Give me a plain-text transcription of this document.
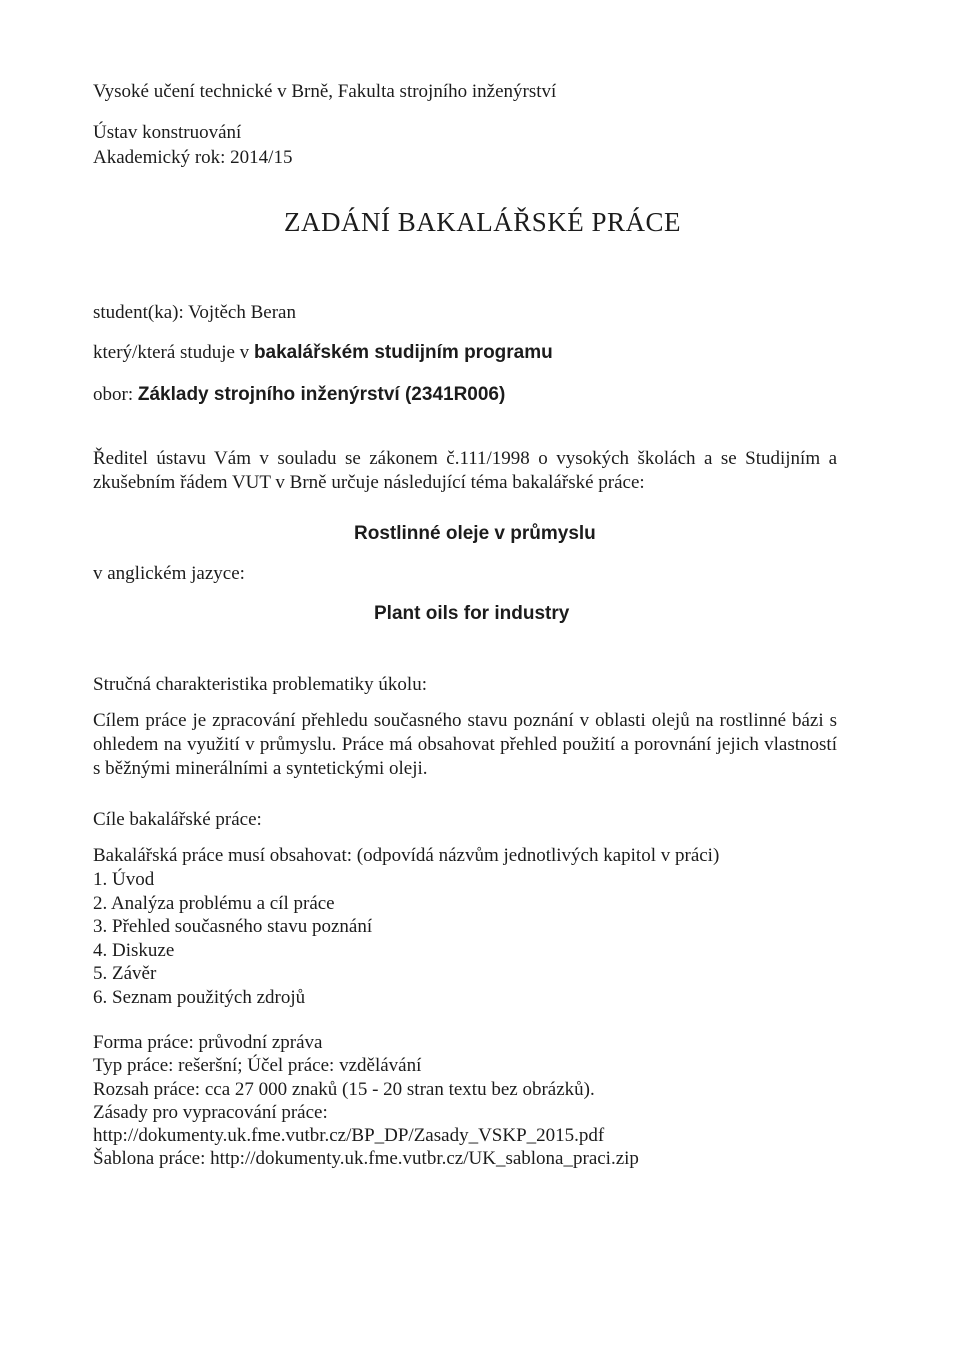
Vysoké učení technické v Brně, Fakulta strojního inženýrství
Ústav konstruování
Akademický rok: 2014/15
ZADÁNÍ BAKALÁŘSKÉ PRÁCE
student(ka): Vojtěch Beran
který/která studuje v bakalářském studijním programu
obor: Základy strojního inženýrství (2341R006)
Ředitel ústavu Vám v souladu se zákonem č.111/1998 o vysokých školách a se Studijním a
zkušebním řádem VUT v Brně určuje následující téma bakalářské práce:
Rostlinné oleje v průmyslu
v anglickém jazyce:
Plant oils for industry
Stručná charakteristika problematiky úkolu:

Cílem práce je zpracování přehledu současného stavu poznání v oblasti olejů na rostlinné bázi s ohledem na využití v průmyslu. Práce má obsahovat přehled použití a porovnání jejich vlastností s běžnými minerálními a syntetickými oleji.

Cíle bakalářské práce:
Bakalářská práce musí obsahovat: (odpovídá názvům jednotlivých kapitol v práci)
1. Úvod
2. Analýza problému a cíl práce
3. Přehled současného stavu poznání
4. Diskuze
5. Závěr
6. Seznam použitých zdrojů
Forma práce: průvodní zpráva
Typ práce: rešeršní; Účel práce: vzdělávání
Rozsah práce: cca 27 000 znaků (15 - 20 stran textu bez obrázků).
Zásady pro vypracování práce:
http://dokumenty.uk.fme.vutbr.cz/BP_DP/Zasady_VSKP_2015.pdf
Šablona práce: http://dokumenty.uk.fme.vutbr.cz/UK_sablona_praci.zip
